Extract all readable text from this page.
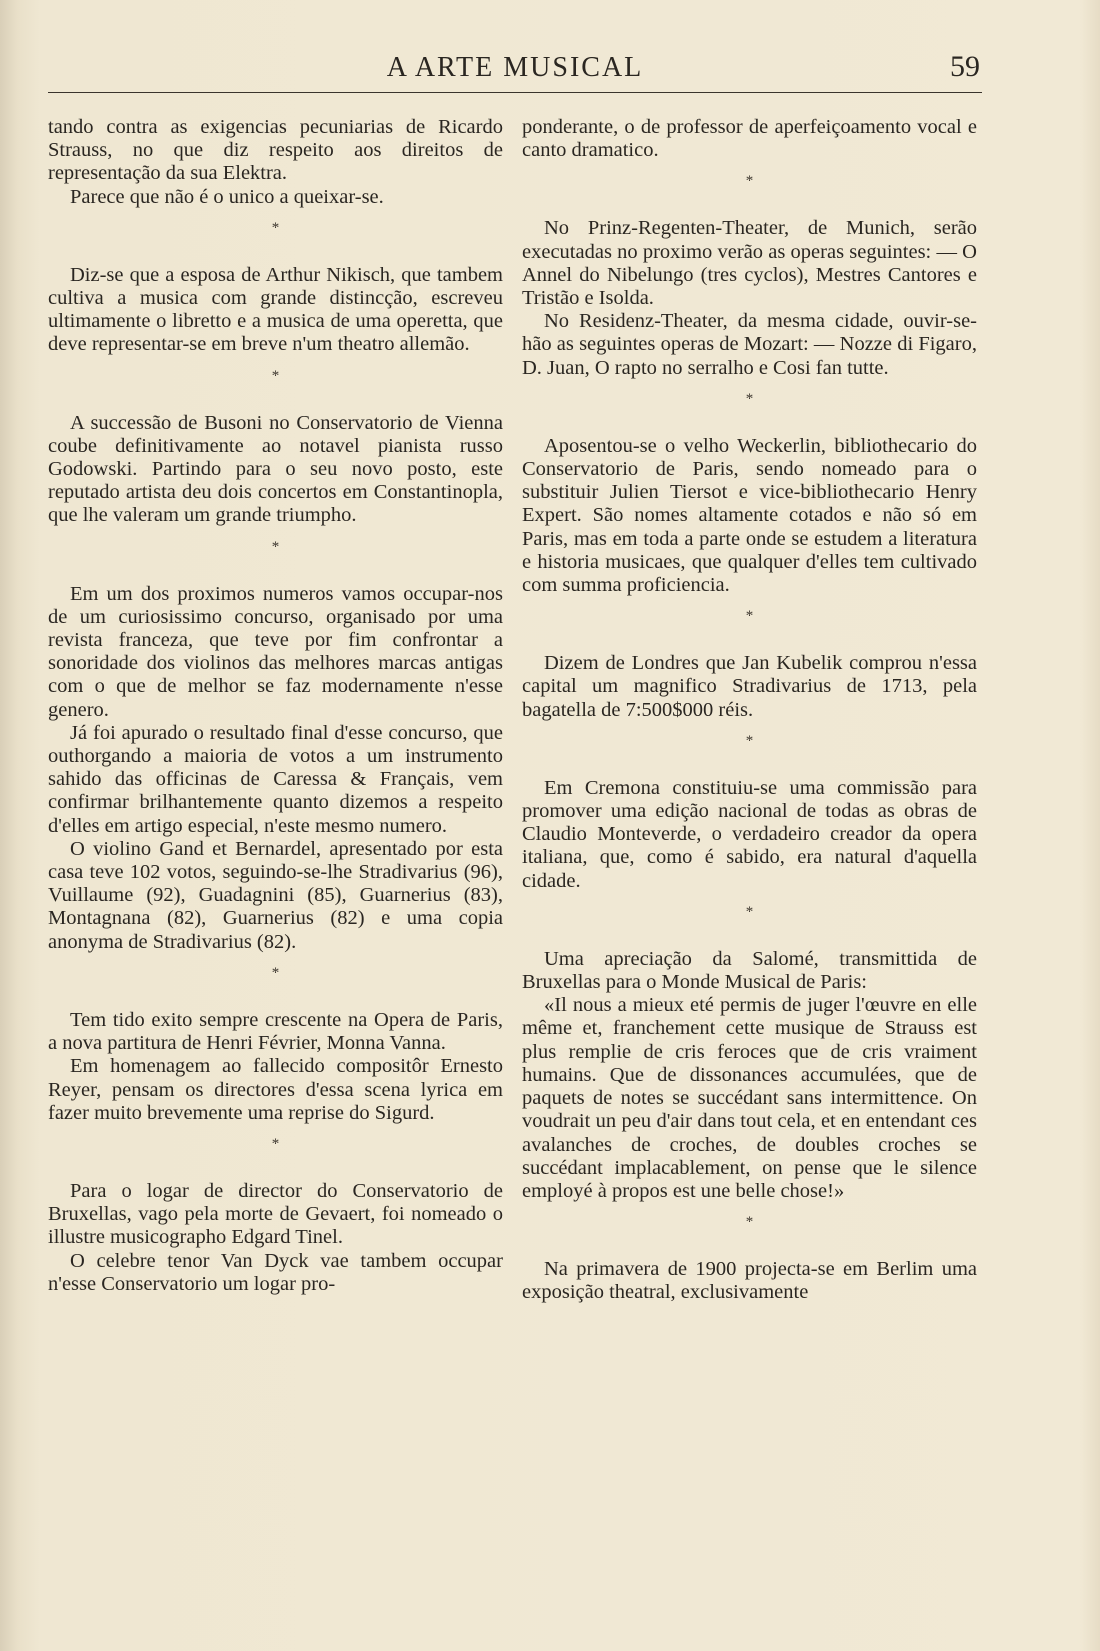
A ARTE MUSICAL	59

tando contra as exigencias pecuniarias de Ricardo Strauss, no que diz respeito aos direitos de representação da sua Elektra.

Parece que não é o unico a queixar-se.

*

Diz-se que a esposa de Arthur Nikisch, que tambem cultiva a musica com grande distincção, escreveu ultimamente o libretto e a musica de uma operetta, que deve representar-se em breve n'um theatro allemão.

*

A successão de Busoni no Conservatorio de Vienna coube definitivamente ao notavel pianista russo Godowski. Partindo para o seu novo posto, este reputado artista deu dois concertos em Constantinopla, que lhe valeram um grande triumpho.

*

Em um dos proximos numeros vamos occupar-nos de um curiosissimo concurso, organisado por uma revista franceza, que teve por fim confrontar a sonoridade dos violinos das melhores marcas antigas com o que de melhor se faz modernamente n'esse genero.

Já foi apurado o resultado final d'esse concurso, que outhorgando a maioria de votos a um instrumento sahido das officinas de Caressa & Français, vem confirmar brilhantemente quanto dizemos a respeito d'elles em artigo especial, n'este mesmo numero.

O violino Gand et Bernardel, apresentado por esta casa teve 102 votos, seguindo-se-lhe Stradivarius (96), Vuillaume (92), Guadagnini (85), Guarnerius (83), Montagnana (82), Guarnerius (82) e uma copia anonyma de Stradivarius (82).

*

Tem tido exito sempre crescente na Opera de Paris, a nova partitura de Henri Février, Monna Vanna.

Em homenagem ao fallecido compositôr Ernesto Reyer, pensam os directores d'essa scena lyrica em fazer muito brevemente uma reprise do Sigurd.

*

Para o logar de director do Conservatorio de Bruxellas, vago pela morte de Gevaert, foi nomeado o illustre musicographo Edgard Tinel.

O celebre tenor Van Dyck vae tambem occupar n'esse Conservatorio um logar pro-

ponderante, o de professor de aperfeiçoamento vocal e canto dramatico.

*

No Prinz-Regenten-Theater, de Munich, serão executadas no proximo verão as operas seguintes: — O Annel do Nibelungo (tres cyclos), Mestres Cantores e Tristão e Isolda.

No Residenz-Theater, da mesma cidade, ouvir-se-hão as seguintes operas de Mozart: — Nozze di Figaro, D. Juan, O rapto no serralho e Cosi fan tutte.

*

Aposentou-se o velho Weckerlin, bibliothecario do Conservatorio de Paris, sendo nomeado para o substituir Julien Tiersot e vice-bibliothecario Henry Expert. São nomes altamente cotados e não só em Paris, mas em toda a parte onde se estudem a literatura e historia musicaes, que qualquer d'elles tem cultivado com summa proficiencia.

*

Dizem de Londres que Jan Kubelik comprou n'essa capital um magnifico Stradivarius de 1713, pela bagatella de 7:500$000 réis.

*

Em Cremona constituiu-se uma commissão para promover uma edição nacional de todas as obras de Claudio Monteverde, o verdadeiro creador da opera italiana, que, como é sabido, era natural d'aquella cidade.

*

Uma apreciação da Salomé, transmittida de Bruxellas para o Monde Musical de Paris:

«Il nous a mieux eté permis de juger l'œuvre en elle même et, franchement cette musique de Strauss est plus remplie de cris feroces que de cris vraiment humains. Que de dissonances accumulées, que de paquets de notes se succédant sans intermittence. On voudrait un peu d'air dans tout cela, et en entendant ces avalanches de croches, de doubles croches se succédant implacablement, on pense que le silence employé à propos est une belle chose!»

*

Na primavera de 1900 projecta-se em Berlim uma exposição theatral, exclusivamente
